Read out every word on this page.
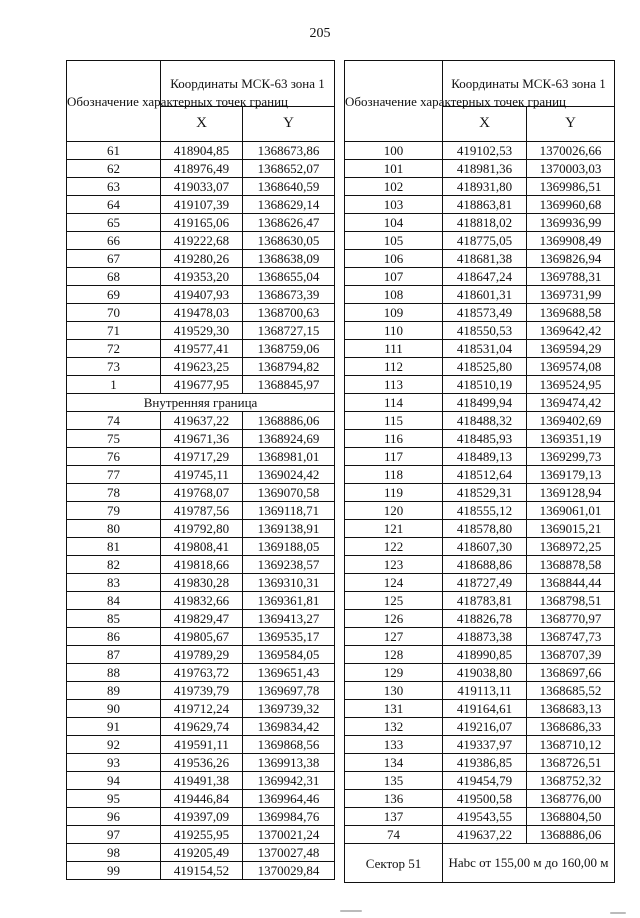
205
Обозначение характерных точек границ	Координаты МСК-63 зона 1	
	X	Y
61	418904,85	1368673,86
62	418976,49	1368652,07
63	419033,07	1368640,59
64	419107,39	1368629,14
65	419165,06	1368626,47
66	419222,68	1368630,05
67	419280,26	1368638,09
68	419353,20	1368655,04
69	419407,93	1368673,39
70	419478,03	1368700,63
71	419529,30	1368727,15
72	419577,41	1368759,06
73	419623,25	1368794,82
1	419677,95	1368845,97
Внутренняя граница		
74	419637,22	1368886,06
75	419671,36	1368924,69
76	419717,29	1368981,01
77	419745,11	1369024,42
78	419768,07	1369070,58
79	419787,56	1369118,71
80	419792,80	1369138,91
81	419808,41	1369188,05
82	419818,66	1369238,57
83	419830,28	1369310,31
84	419832,66	1369361,81
85	419829,47	1369413,27
86	419805,67	1369535,17
87	419789,29	1369584,05
88	419763,72	1369651,43
89	419739,79	1369697,78
90	419712,24	1369739,32
91	419629,74	1369834,42
92	419591,11	1369868,56
93	419536,26	1369913,38
94	419491,38	1369942,31
95	419446,84	1369964,46
96	419397,09	1369984,76
97	419255,95	1370021,24
98	419205,49	1370027,48
99	419154,52	1370029,84
Обозначение характерных точек границ	Координаты МСК-63 зона 1	
	X	Y
100	419102,53	1370026,66
101	418981,36	1370003,03
102	418931,80	1369986,51
103	418863,81	1369960,68
104	418818,02	1369936,99
105	418775,05	1369908,49
106	418681,38	1369826,94
107	418647,24	1369788,31
108	418601,31	1369731,99
109	418573,49	1369688,58
110	418550,53	1369642,42
111	418531,04	1369594,29
112	418525,80	1369574,08
113	418510,19	1369524,95
114	418499,94	1369474,42
115	418488,32	1369402,69
116	418485,93	1369351,19
117	418489,13	1369299,73
118	418512,64	1369179,13
119	418529,31	1369128,94
120	418555,12	1369061,01
121	418578,80	1369015,21
122	418607,30	1368972,25
123	418688,86	1368878,58
124	418727,49	1368844,44
125	418783,81	1368798,51
126	418826,78	1368770,97
127	418873,38	1368747,73
128	418990,85	1368707,39
129	419038,80	1368697,66
130	419113,11	1368685,52
131	419164,61	1368683,13
132	419216,07	1368686,33
133	419337,97	1368710,12
134	419386,85	1368726,51
135	419454,79	1368752,32
136	419500,58	1368776,00
137	419543,55	1368804,50
74	419637,22	1368886,06
Сектор 51	Нabc от 155,00 м до 160,00 м	
